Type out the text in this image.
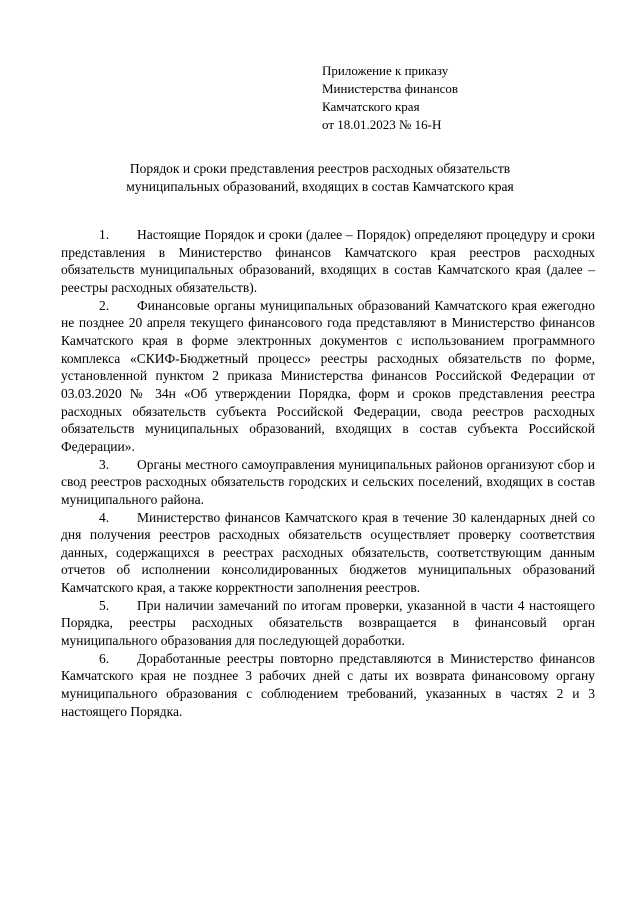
Приложение к приказу
Министерства финансов
Камчатского края
от 18.01.2023 № 16-Н
Порядок и сроки представления реестров расходных обязательств
муниципальных образований, входящих в состав Камчатского края

1. Настоящие Порядок и сроки (далее – Порядок) определяют процедуру и сроки представления в Министерство финансов Камчатского края реестров расходных обязательств муниципальных образований, входящих в состав Камчатского края (далее – реестры расходных обязательств).

2. Финансовые органы муниципальных образований Камчатского края ежегодно не позднее 20 апреля текущего финансового года представляют в Министерство финансов Камчатского края в форме электронных документов с использованием программного комплекса «СКИФ-Бюджетный процесс» реестры расходных обязательств по форме, установленной пунктом 2 приказа Министерства финансов Российской Федерации от 03.03.2020 № 34н «Об утверждении Порядка, форм и сроков представления реестра расходных обязательств субъекта Российской Федерации, свода реестров расходных обязательств муниципальных образований, входящих в состав субъекта Российской Федерации».

3. Органы местного самоуправления муниципальных районов организуют сбор и свод реестров расходных обязательств городских и сельских поселений, входящих в состав муниципального района.

4. Министерство финансов Камчатского края в течение 30 календарных дней со дня получения реестров расходных обязательств осуществляет проверку соответствия данных, содержащихся в реестрах расходных обязательств, соответствующим данным отчетов об исполнении консолидированных бюджетов муниципальных образований Камчатского края, а также корректности заполнения реестров.

5. При наличии замечаний по итогам проверки, указанной в части 4 настоящего Порядка, реестры расходных обязательств возвращается в финансовый орган муниципального образования для последующей доработки.

6. Доработанные реестры повторно представляются в Министерство финансов Камчатского края не позднее 3 рабочих дней с даты их возврата финансовому органу муниципального образования с соблюдением требований, указанных в частях 2 и 3 настоящего Порядка.
